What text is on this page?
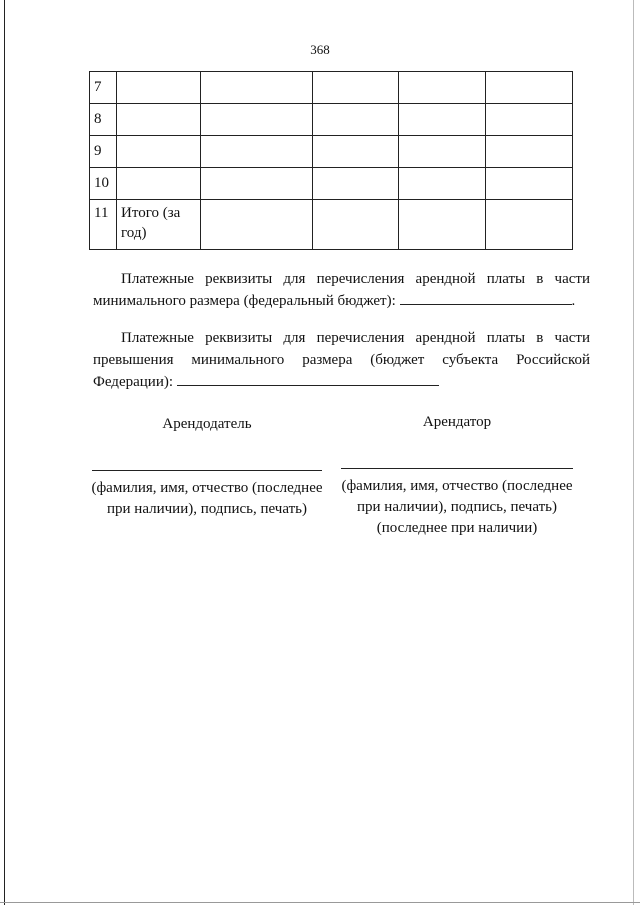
368
7					
8					
9					
10					
11	Итого (за год)				
Платежные реквизиты для перечисления арендной платы в части минимального размера (федеральный бюджет):	.
Платежные реквизиты для перечисления арендной платы в части превышения минимального размера (бюджет субъекта Российской Федерации):
Арендодатель	Арендатор
(фамилия, имя, отчество (последнее при наличии), подпись, печать)
(фамилия, имя, отчество (последнее при наличии), подпись, печать) (последнее при наличии)
